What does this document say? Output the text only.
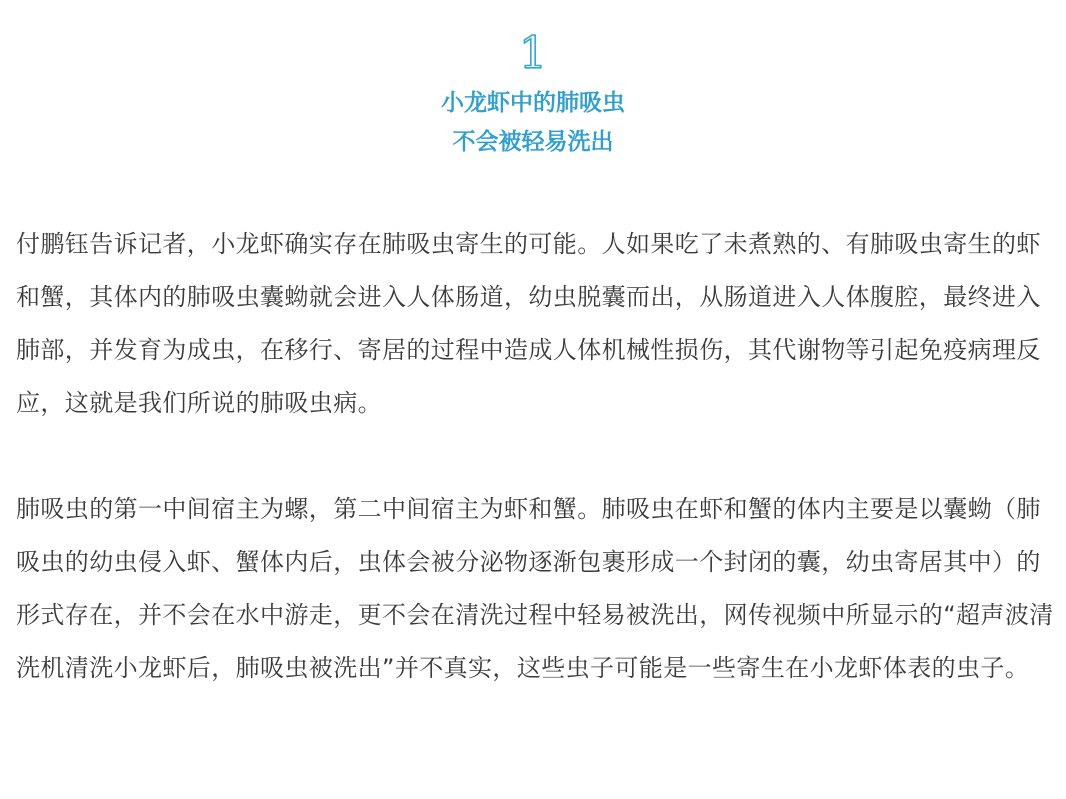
1
小龙虾中的肺吸虫
不会被轻易洗出

付鹏钰告诉记者，小龙虾确实存在肺吸虫寄生的可能。人如果吃了未煮熟的、有肺吸虫寄生的虾和蟹，其体内的肺吸虫囊蚴就会进入人体肠道，幼虫脱囊而出，从肠道进入人体腹腔，最终进入肺部，并发育为成虫，在移行、寄居的过程中造成人体机械性损伤，其代谢物等引起免疫病理反应，这就是我们所说的肺吸虫病。

肺吸虫的第一中间宿主为螺，第二中间宿主为虾和蟹。肺吸虫在虾和蟹的体内主要是以囊蚴（肺吸虫的幼虫侵入虾、蟹体内后，虫体会被分泌物逐渐包裹形成一个封闭的囊，幼虫寄居其中）的形式存在，并不会在水中游走，更不会在清洗过程中轻易被洗出，网传视频中所显示的“超声波清洗机清洗小龙虾后，肺吸虫被洗出”并不真实，这些虫子可能是一些寄生在小龙虾体表的虫子。
